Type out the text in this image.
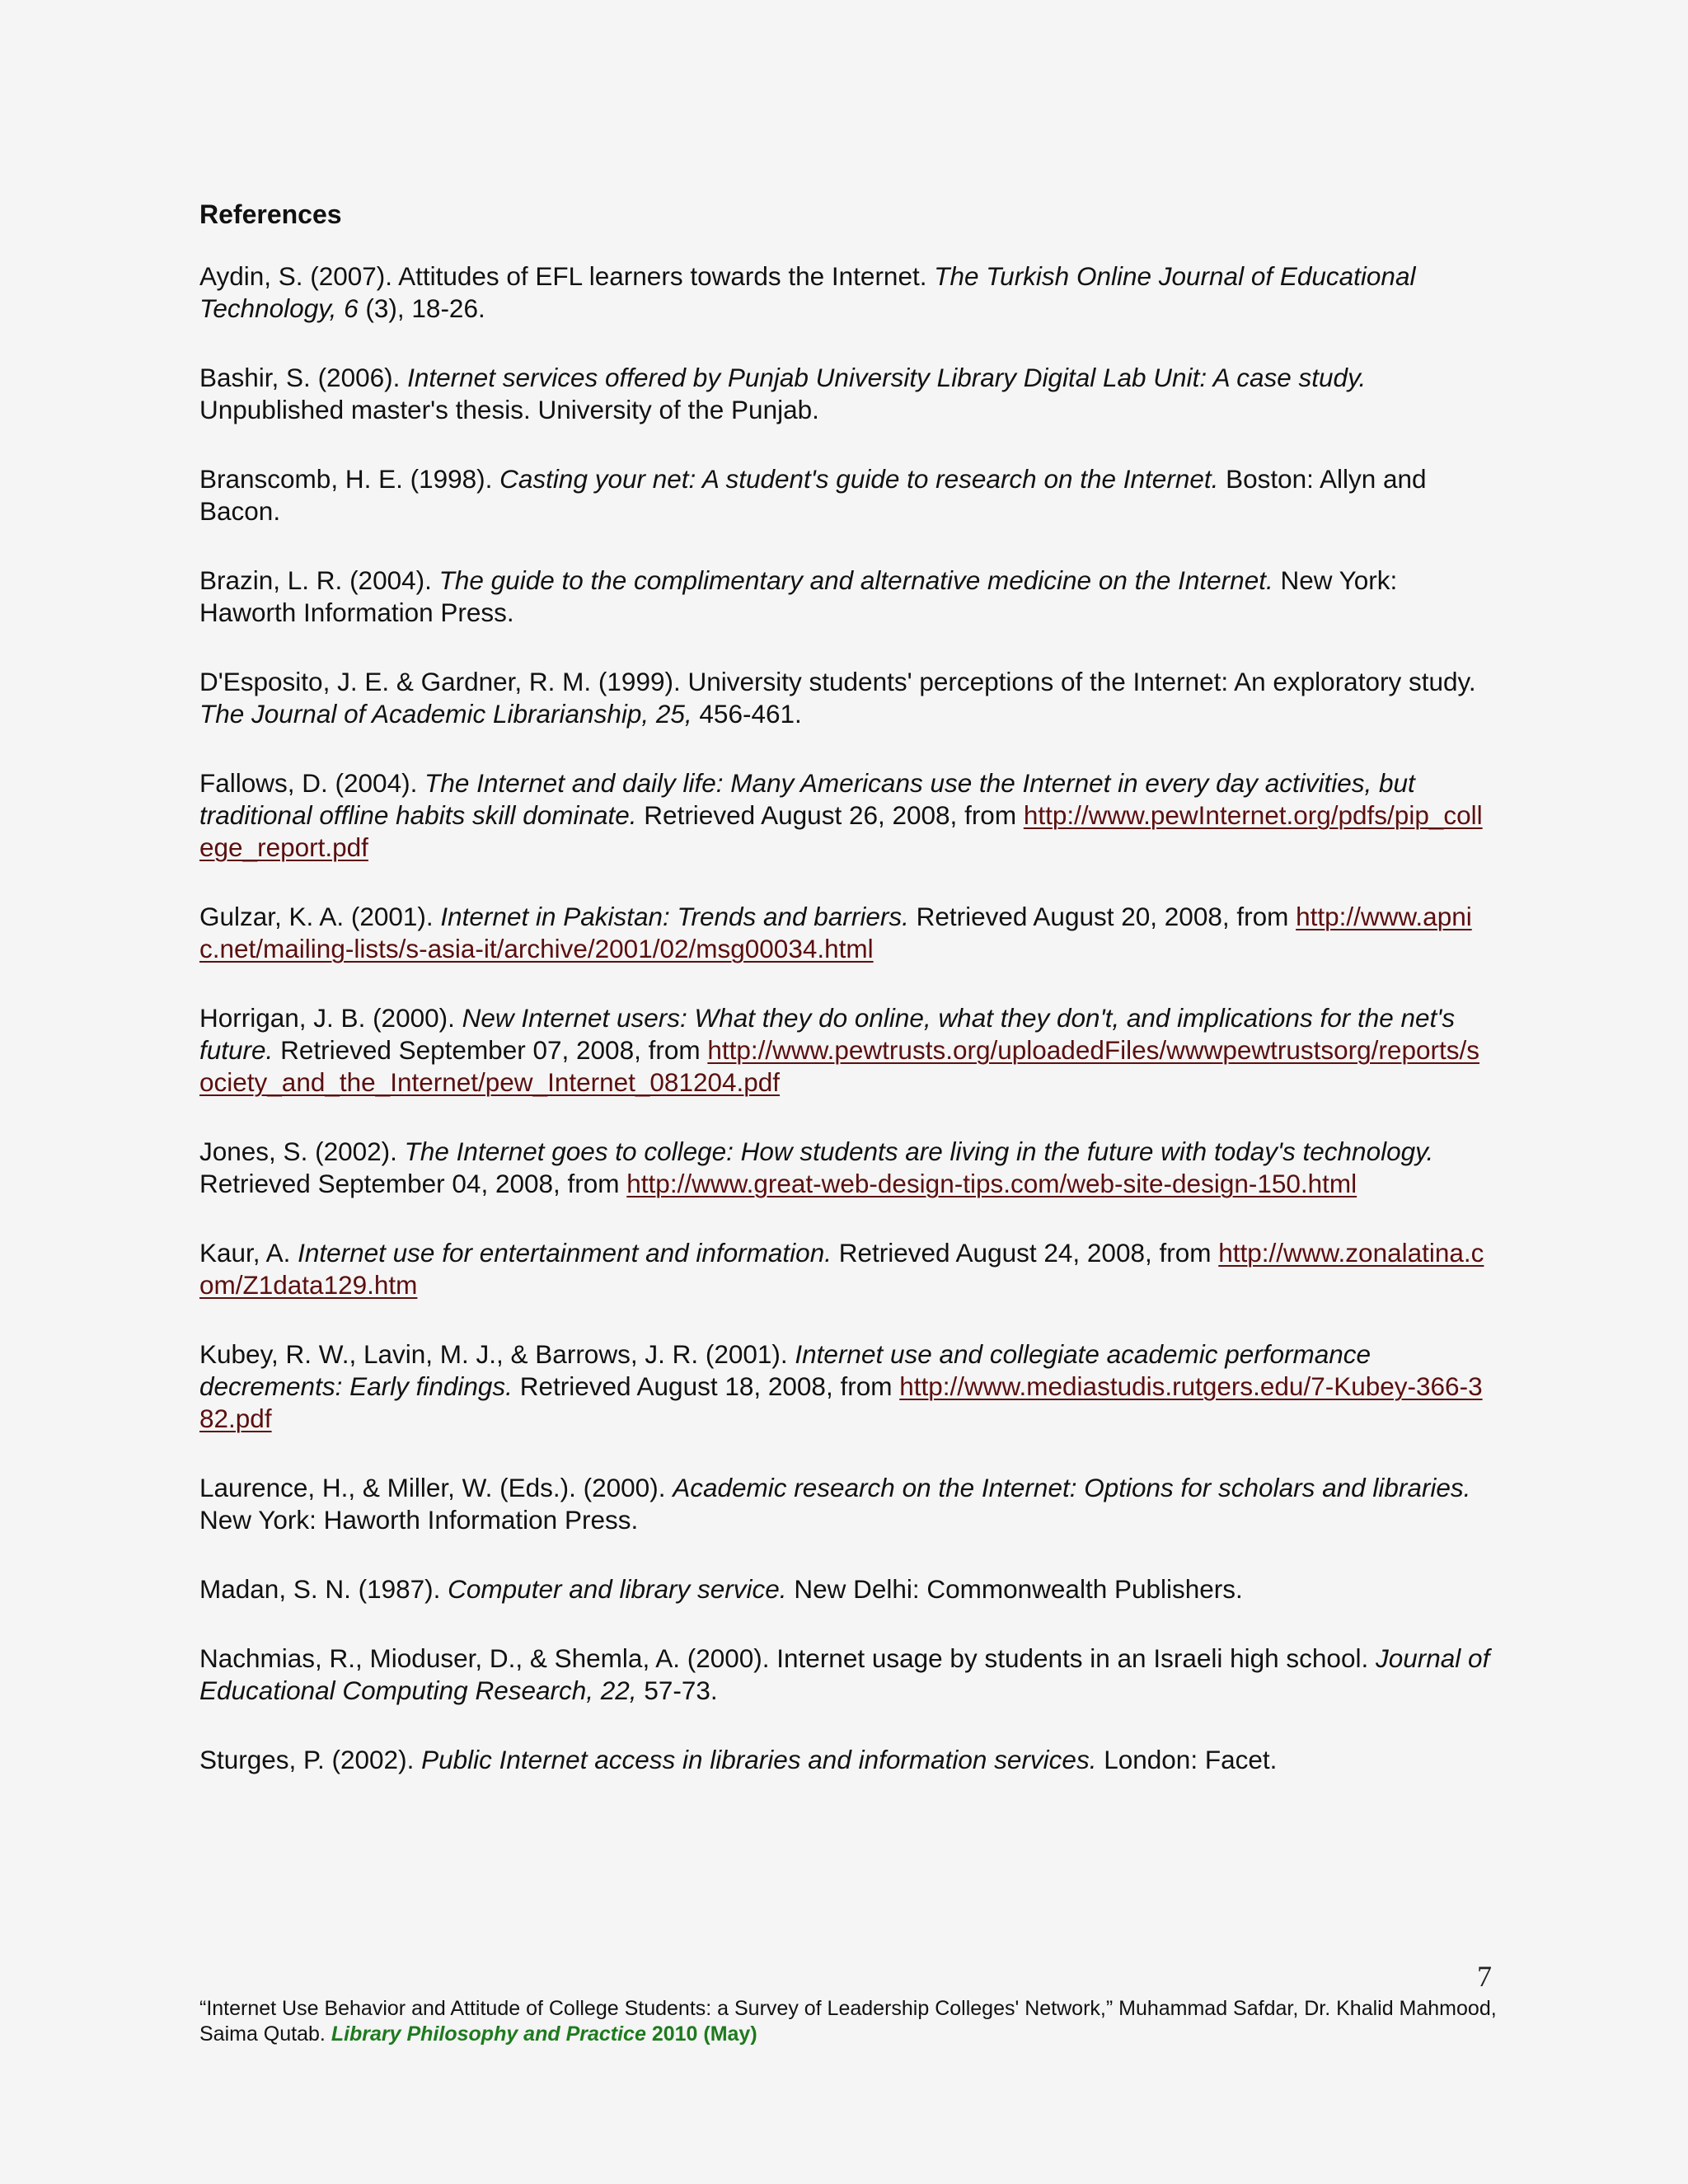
References
Aydin, S. (2007). Attitudes of EFL learners towards the Internet. The Turkish Online Journal of Educational Technology, 6 (3), 18-26.
Bashir, S. (2006). Internet services offered by Punjab University Library Digital Lab Unit: A case study. Unpublished master's thesis. University of the Punjab.
Branscomb, H. E. (1998). Casting your net: A student's guide to research on the Internet. Boston: Allyn and Bacon.
Brazin, L. R. (2004). The guide to the complimentary and alternative medicine on the Internet. New York: Haworth Information Press.
D'Esposito, J. E. & Gardner, R. M. (1999). University students' perceptions of the Internet: An exploratory study. The Journal of Academic Librarianship, 25, 456-461.
Fallows, D. (2004). The Internet and daily life: Many Americans use the Internet in every day activities, but traditional offline habits skill dominate. Retrieved August 26, 2008, from http://www.pewInternet.org/pdfs/pip_college_report.pdf
Gulzar, K. A. (2001). Internet in Pakistan: Trends and barriers. Retrieved August 20, 2008, from http://www.apnic.net/mailing-lists/s-asia-it/archive/2001/02/msg00034.html
Horrigan, J. B. (2000). New Internet users: What they do online, what they don't, and implications for the net's future. Retrieved September 07, 2008, from http://www.pewtrusts.org/uploadedFiles/wwwpewtrustsorg/reports/society_and_the_Internet/pew_Internet_081204.pdf
Jones, S. (2002). The Internet goes to college: How students are living in the future with today's technology. Retrieved September 04, 2008, from http://www.great-web-design-tips.com/web-site-design-150.html
Kaur, A. Internet use for entertainment and information. Retrieved August 24, 2008, from http://www.zonalatina.com/Z1data129.htm
Kubey, R. W., Lavin, M. J., & Barrows, J. R. (2001). Internet use and collegiate academic performance decrements: Early findings. Retrieved August 18, 2008, from http://www.mediastudis.rutgers.edu/7-Kubey-366-382.pdf
Laurence, H., & Miller, W. (Eds.). (2000). Academic research on the Internet: Options for scholars and libraries. New York: Haworth Information Press.
Madan, S. N. (1987). Computer and library service. New Delhi: Commonwealth Publishers.
Nachmias, R., Mioduser, D., & Shemla, A. (2000). Internet usage by students in an Israeli high school. Journal of Educational Computing Research, 22, 57-73.
Sturges, P. (2002). Public Internet access in libraries and information services. London: Facet.
7
“Internet Use Behavior and Attitude of College Students: a Survey of Leadership Colleges' Network,” Muhammad Safdar, Dr. Khalid Mahmood, Saima Qutab. Library Philosophy and Practice 2010 (May)
